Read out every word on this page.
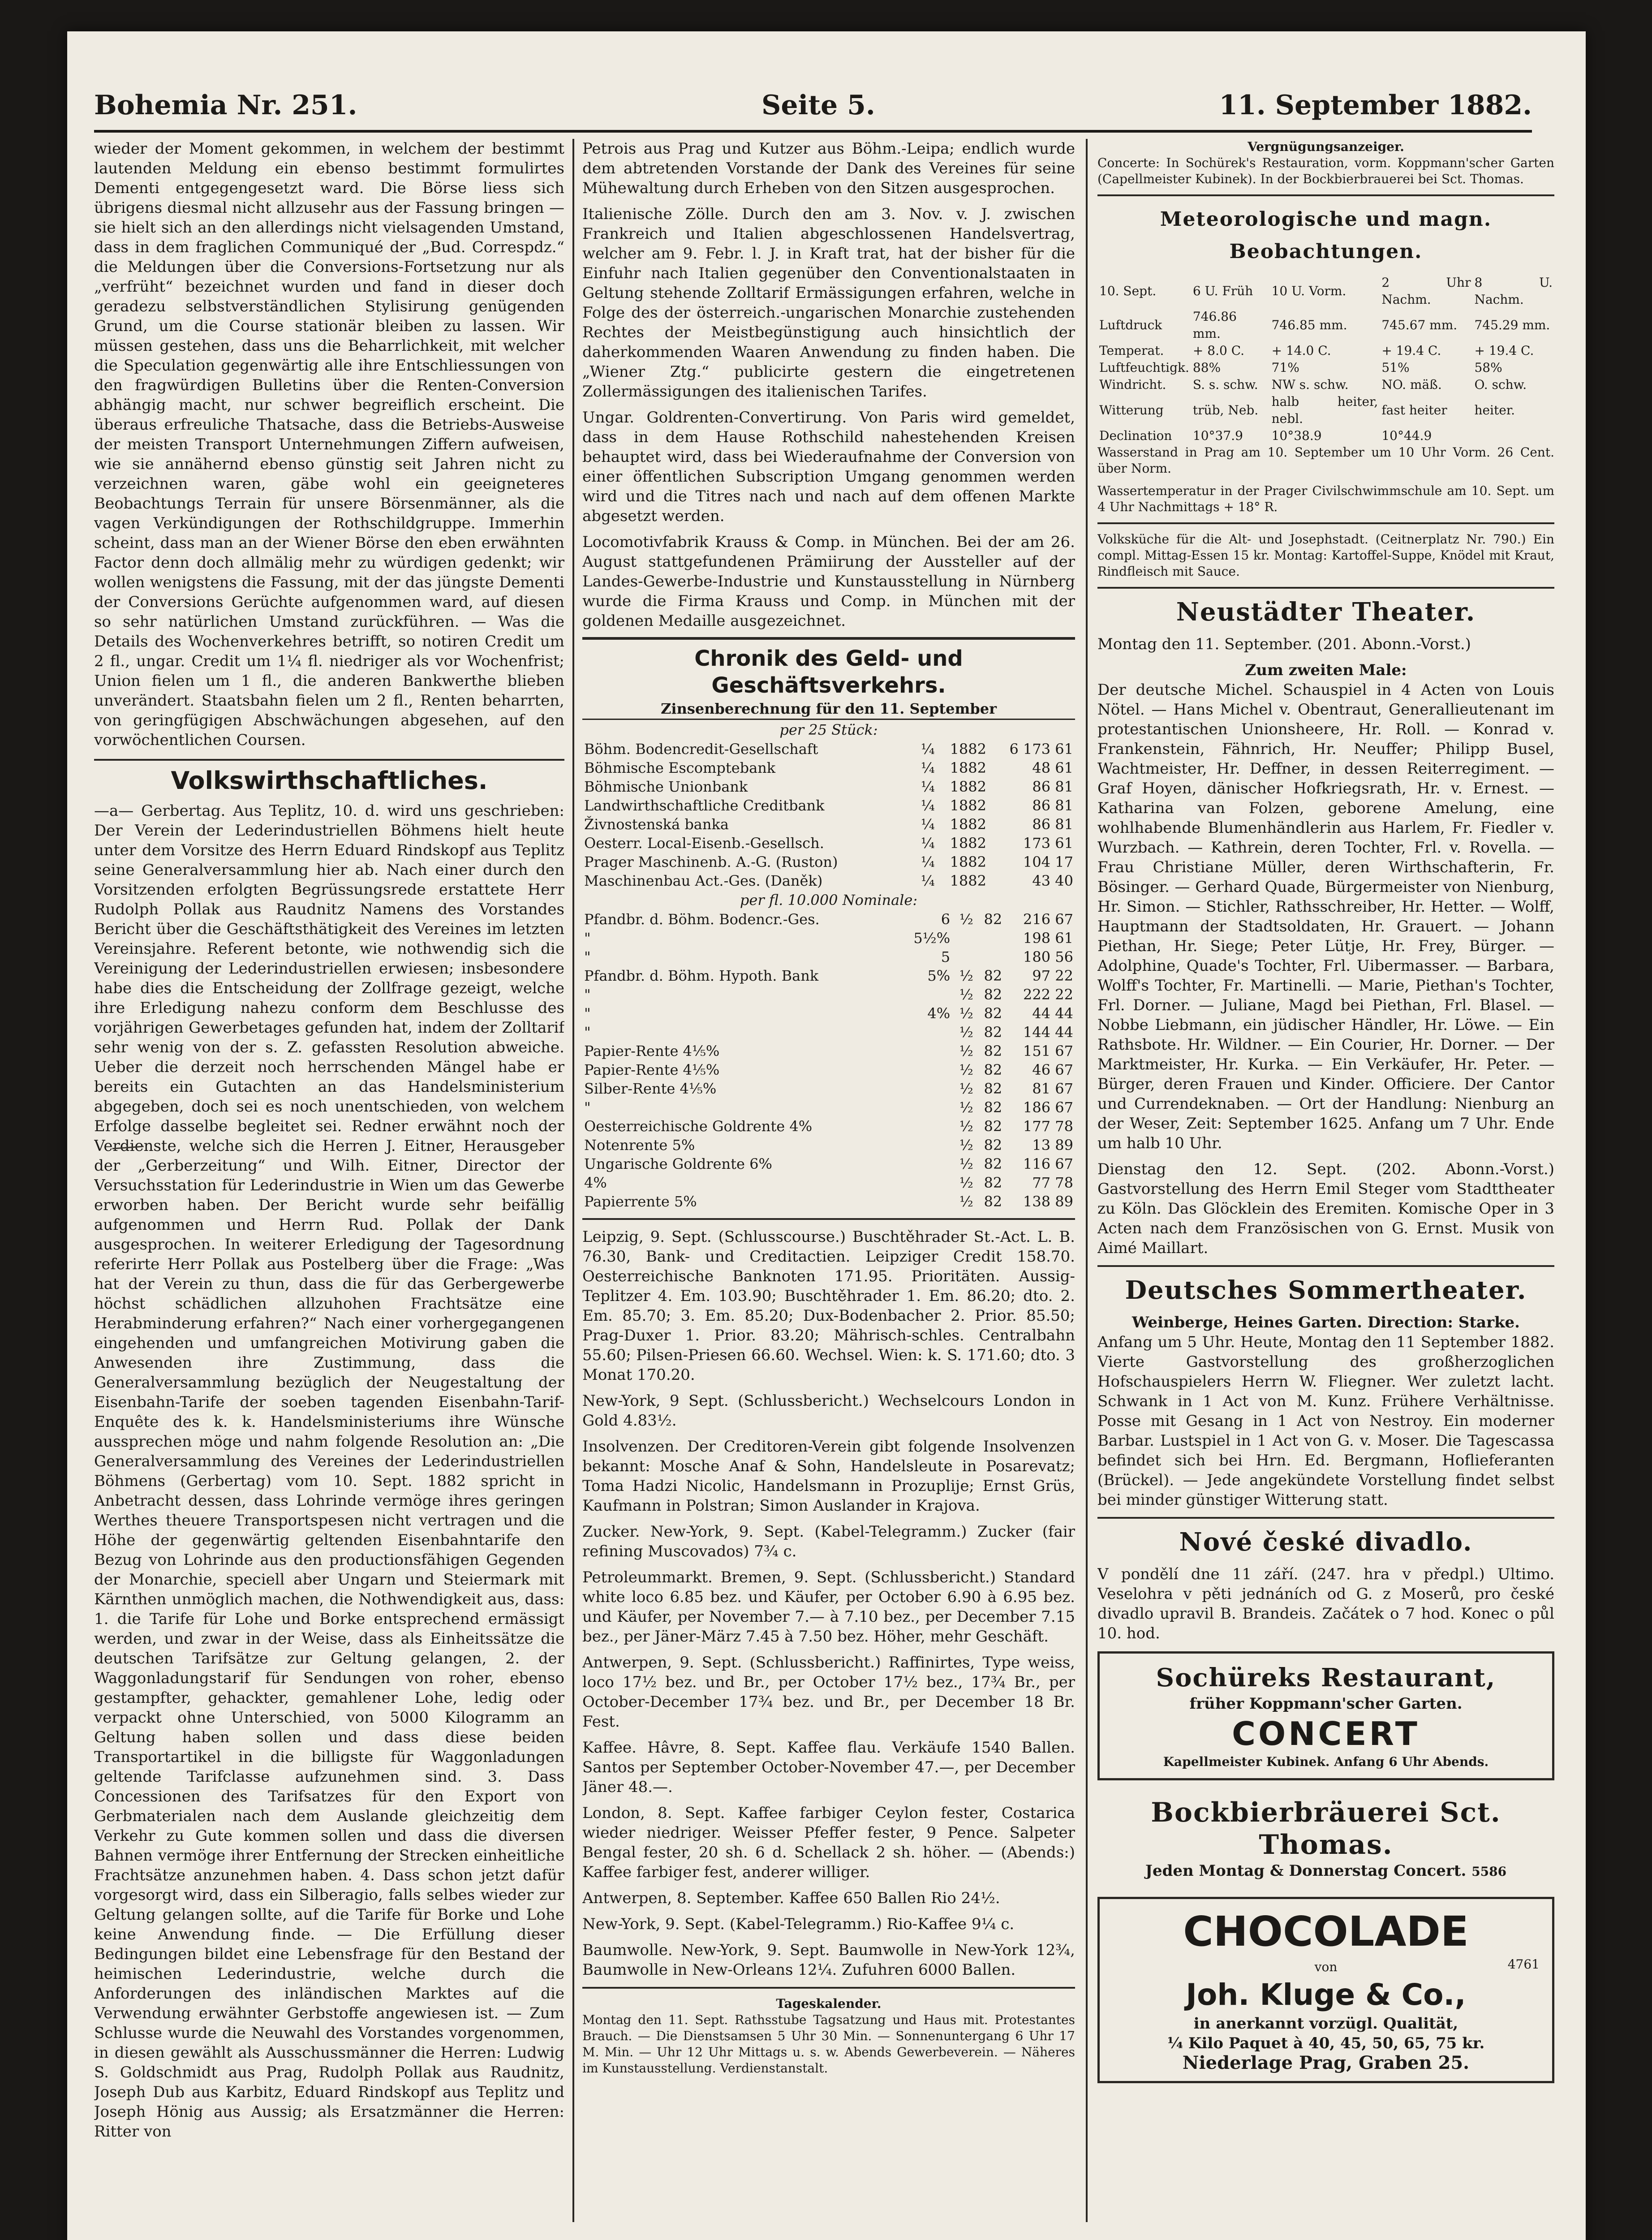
Bohemia Nr. 251.	Seite 5.	11. September 1882.

wieder der Moment gekommen, in welchem der bestimmt lautenden Meldung ein ebenso bestimmt formulirtes Dementi entgegengesetzt ward. Die Börse liess sich übrigens diesmal nicht allzusehr aus der Fassung bringen — sie hielt sich an den allerdings nicht vielsagenden Umstand, dass in dem fraglichen Communiqué der „Bud. Correspdz.“ die Meldungen über die Conversions-Fortsetzung nur als „verfrüht“ bezeichnet wurden und fand in dieser doch geradezu selbstverständlichen Stylisirung genügenden Grund, um die Course stationär bleiben zu lassen. Wir müssen gestehen, dass uns die Beharrlichkeit, mit welcher die Speculation gegenwärtig alle ihre Entschliessungen von den fragwürdigen Bulletins über die Renten-Conversion abhängig macht, nur schwer begreiflich erscheint. Die überaus erfreuliche Thatsache, dass die Betriebs-Ausweise der meisten Transport Unternehmungen Ziffern aufweisen, wie sie annähernd ebenso günstig seit Jahren nicht zu verzeichnen waren, gäbe wohl ein geeigneteres Beobachtungs Terrain für unsere Börsenmänner, als die vagen Verkündigungen der Rothschildgruppe. Immerhin scheint, dass man an der Wiener Börse den eben erwähnten Factor denn doch allmälig mehr zu würdigen gedenkt; wir wollen wenigstens die Fassung, mit der das jüngste Dementi der Conversions Gerüchte aufgenommen ward, auf diesen so sehr natürlichen Umstand zurückführen. — Was die Details des Wochenverkehres betrifft, so notiren Credit um 2 fl., ungar. Credit um 1¼ fl. niedriger als vor Wochenfrist; Union fielen um 1 fl., die anderen Bankwerthe blieben unverändert. Staatsbahn fielen um 2 fl., Renten beharrten, von geringfügigen Abschwächungen abgesehen, auf den vorwöchentlichen Coursen.

Volkswirthschaftliches.

—a— Gerbertag. Aus Teplitz, 10. d. wird uns geschrieben: Der Verein der Lederindustriellen Böhmens hielt heute unter dem Vorsitze des Herrn Eduard Rindskopf aus Teplitz seine Generalversammlung hier ab. Nach einer durch den Vorsitzenden erfolgten Begrüssungsrede erstattete Herr Rudolph Pollak aus Raudnitz Namens des Vorstandes Bericht über die Geschäftsthätigkeit des Vereines im letzten Vereinsjahre. Referent betonte, wie nothwendig sich die Vereinigung der Lederindustriellen erwiesen; insbesondere habe dies die Entscheidung der Zollfrage gezeigt, welche ihre Erledigung nahezu conform dem Beschlusse des vorjährigen Gewerbetages gefunden hat, indem der Zolltarif sehr wenig von der s. Z. gefassten Resolution abweiche. Ueber die derzeit noch herrschenden Mängel habe er bereits ein Gutachten an das Handelsministerium abgegeben, doch sei es noch unentschieden, von welchem Erfolge dasselbe begleitet sei. Redner erwähnt noch der Verdienste, welche sich die Herren J. Eitner, Herausgeber der „Gerberzeitung“ und Wilh. Eitner, Director der Versuchsstation für Lederindustrie in Wien um das Gewerbe erworben haben. Der Bericht wurde sehr beifällig aufgenommen und Herrn Rud. Pollak der Dank ausgesprochen. In weiterer Erledigung der Tagesordnung referirte Herr Pollak aus Postelberg über die Frage: „Was hat der Verein zu thun, dass die für das Gerbergewerbe höchst schädlichen allzuhohen Frachtsätze eine Herabminderung erfahren?“ Nach einer vorhergegangenen eingehenden und umfangreichen Motivirung gaben die Anwesenden ihre Zustimmung, dass die Generalversammlung bezüglich der Neugestaltung der Eisenbahn-Tarife der soeben tagenden Eisenbahn-Tarif-Enquête des k. k. Handelsministeriums ihre Wünsche aussprechen möge und nahm folgende Resolution an: „Die Generalversammlung des Vereines der Lederindustriellen Böhmens (Gerbertag) vom 10. Sept. 1882 spricht in Anbetracht dessen, dass Lohrinde vermöge ihres geringen Werthes theuere Transportspesen nicht vertragen und die Höhe der gegenwärtig geltenden Eisenbahntarife den Bezug von Lohrinde aus den productionsfähigen Gegenden der Monarchie, speciell aber Ungarn und Steiermark mit Kärnthen unmöglich machen, die Nothwendigkeit aus, dass: 1. die Tarife für Lohe und Borke entsprechend ermässigt werden, und zwar in der Weise, dass als Einheitssätze die deutschen Tarifsätze zur Geltung gelangen, 2. der Waggonladungstarif für Sendungen von roher, ebenso gestampfter, gehackter, gemahlener Lohe, ledig oder verpackt ohne Unterschied, von 5000 Kilogramm an Geltung haben sollen und dass diese beiden Transportartikel in die billigste für Waggonladungen geltende Tarifclasse aufzunehmen sind. 3. Dass Concessionen des Tarifsatzes für den Export von Gerbmaterialen nach dem Auslande gleichzeitig dem Verkehr zu Gute kommen sollen und dass die diversen Bahnen vermöge ihrer Entfernung der Strecken einheitliche Frachtsätze anzunehmen haben. 4. Dass schon jetzt dafür vorgesorgt wird, dass ein Silberagio, falls selbes wieder zur Geltung gelangen sollte, auf die Tarife für Borke und Lohe keine Anwendung finde. — Die Erfüllung dieser Bedingungen bildet eine Lebensfrage für den Bestand der heimischen Lederindustrie, welche durch die Anforderungen des inländischen Marktes auf die Verwendung erwähnter Gerbstoffe angewiesen ist. — Zum Schlusse wurde die Neuwahl des Vorstandes vorgenommen, in diesen gewählt als Ausschussmänner die Herren: Ludwig S. Goldschmidt aus Prag, Rudolph Pollak aus Raudnitz, Joseph Dub aus Karbitz, Eduard Rindskopf aus Teplitz und Joseph Hönig aus Aussig; als Ersatzmänner die Herren: Ritter von

Petrois aus Prag und Kutzer aus Böhm.-Leipa; endlich wurde dem abtretenden Vorstande der Dank des Vereines für seine Mühewaltung durch Erheben von den Sitzen ausgesprochen.

Italienische Zölle. Durch den am 3. Nov. v. J. zwischen Frankreich und Italien abgeschlossenen Handelsvertrag, welcher am 9. Febr. l. J. in Kraft trat, hat der bisher für die Einfuhr nach Italien gegenüber den Conventionalstaaten in Geltung stehende Zolltarif Ermässigungen erfahren, welche in Folge des der österreich.-ungarischen Monarchie zustehenden Rechtes der Meistbegünstigung auch hinsichtlich der daherkommenden Waaren Anwendung zu finden haben. Die „Wiener Ztg.“ publicirte gestern die eingetretenen Zollermässigungen des italienischen Tarifes.

Ungar. Goldrenten-Convertirung. Von Paris wird gemeldet, dass in dem Hause Rothschild nahestehenden Kreisen behauptet wird, dass bei Wiederaufnahme der Conversion von einer öffentlichen Subscription Umgang genommen werden wird und die Titres nach und nach auf dem offenen Markte abgesetzt werden.

Locomotivfabrik Krauss & Comp. in München. Bei der am 26. August stattgefundenen Prämiirung der Aussteller auf der Landes-Gewerbe-Industrie und Kunstausstellung in Nürnberg wurde die Firma Krauss und Comp. in München mit der goldenen Medaille ausgezeichnet.

Chronik des Geld- und Geschäftsverkehrs.
Zinsenberechnung für den 11. September
per 25 Stück:
Böhm. Bodencredit-Gesellschaft	¼	1882	6 173 61
Böhmische Escomptebank	¼	1882	48 61
Böhmische Unionbank	¼	1882	86 81
Landwirthschaftliche Creditbank	¼	1882	86 81
Živnostenská banka	¼	1882	86 81
Oesterr. Local-Eisenb.-Gesellsch.	¼	1882	173 61
Prager Maschinenb. A.-G. (Ruston)	¼	1882	104 17
Maschinenbau Act.-Ges. (Daněk)	¼	1882	43 40
per fl. 10.000 Nominale:
Pfandbr. d. Böhm. Bodencr.-Ges.	6	½	82	216 67
"	5½%			198 61
"	5			180 56
Pfandbr. d. Böhm. Hypoth. Bank	5%	½	82	97 22
"		½	82	222 22
"	4%	½	82	44 44
"		½	82	144 44
Papier-Rente 4⅕%		½	82	151 67
Papier-Rente 4⅕%		½	82	46 67
Silber-Rente 4⅕%		½	82	81 67
"		½	82	186 67
Oesterreichische Goldrente 4%		½	82	177 78
Notenrente 5%		½	82	13 89
Ungarische Goldrente 6%		½	82	116 67
4%		½	82	77 78
Papierrente 5%		½	82	138 89

Leipzig, 9. Sept. (Schlusscourse.) Buschtěhrader St.-Act. L. B. 76.30, Bank- und Creditactien. Leipziger Credit 158.70. Oesterreichische Banknoten 171.95. Prioritäten. Aussig-Teplitzer 4. Em. 103.90; Buschtěhrader 1. Em. 86.20; dto. 2. Em. 85.70; 3. Em. 85.20; Dux-Bodenbacher 2. Prior. 85.50; Prag-Duxer 1. Prior. 83.20; Mährisch-schles. Centralbahn 55.60; Pilsen-Priesen 66.60. Wechsel. Wien: k. S. 171.60; dto. 3 Monat 170.20.

New-York, 9 Sept. (Schlussbericht.) Wechselcours London in Gold 4.83½.

Insolvenzen. Der Creditoren-Verein gibt folgende Insolvenzen bekannt: Mosche Anaf & Sohn, Handelsleute in Posarevatz; Toma Hadzi Nicolic, Handelsmann in Prozuplije; Ernst Grüs, Kaufmann in Polstran; Simon Auslander in Krajova.

Zucker. New-York, 9. Sept. (Kabel-Telegramm.) Zucker (fair refining Muscovados) 7¾ c.

Petroleummarkt. Bremen, 9. Sept. (Schlussbericht.) Standard white loco 6.85 bez. und Käufer, per October 6.90 à 6.95 bez. und Käufer, per November 7.— à 7.10 bez., per December 7.15 bez., per Jäner-März 7.45 à 7.50 bez. Höher, mehr Geschäft.

Antwerpen, 9. Sept. (Schlussbericht.) Raffinirtes, Type weiss, loco 17½ bez. und Br., per October 17½ bez., 17¾ Br., per October-December 17¾ bez. und Br., per December 18 Br. Fest.

Kaffee. Hâvre, 8. Sept. Kaffee flau. Verkäufe 1540 Ballen. Santos per September October-November 47.—, per December Jäner 48.—.

London, 8. Sept. Kaffee farbiger Ceylon fester, Costarica wieder niedriger. Weisser Pfeffer fester, 9 Pence. Salpeter Bengal fester, 20 sh. 6 d. Schellack 2 sh. höher. — (Abends:) Kaffee farbiger fest, anderer williger.

Antwerpen, 8. September. Kaffee 650 Ballen Rio 24½.

New-York, 9. Sept. (Kabel-Telegramm.) Rio-Kaffee 9¼ c.

Baumwolle. New-York, 9. Sept. Baumwolle in New-York 12¾, Baumwolle in New-Orleans 12¼. Zufuhren 6000 Ballen.

Tageskalender.

Montag den 11. Sept. Rathsstube Tagsatzung und Haus mit. Protestantes Brauch. — Die Dienstsamsen 5 Uhr 30 Min. — Sonnenuntergang 6 Uhr 17 M. Min. — Uhr 12 Uhr Mittags u. s. w. Abends Gewerbeverein. — Näheres im Kunstausstellung. Verdienstanstalt.

Vergnügungsanzeiger.

Concerte: In Sochürek's Restauration, vorm. Koppmann'scher Garten (Capellmeister Kubinek). In der Bockbierbrauerei bei Sct. Thomas.

Meteorologische und magn. Beobachtungen.
10. Sept.	6 U. Früh	10 U. Vorm.	2 Uhr Nachm.	8 U. Nachm.
Luftdruck	746.86 mm.	746.85 mm.	745.67 mm.	745.29 mm.
Temperat.	+ 8.0 C.	+ 14.0 C.	+ 19.4 C.	+ 19.4 C.
Luftfeuchtigk.	88%	71%	51%	58%
Windricht.	S. s. schw.	NW s. schw.	NO. mäß.	O. schw.
Witterung	trüb, Neb.	halb heiter, nebl.	fast heiter	heiter.
Declination	10°37.9	10°38.9	10°44.9	

Wasserstand in Prag am 10. September um 10 Uhr Vorm. 26 Cent. über Norm.

Wassertemperatur in der Prager Civilschwimmschule am 10. Sept. um 4 Uhr Nachmittags + 18° R.

Volksküche für die Alt- und Josephstadt. (Ceitnerplatz Nr. 790.) Ein compl. Mittag-Essen 15 kr. Montag: Kartoffel-Suppe, Knödel mit Kraut, Rindfleisch mit Sauce.

Neustädter Theater.

Montag den 11. September. (201. Abonn.-Vorst.)

Zum zweiten Male:

Der deutsche Michel. Schauspiel in 4 Acten von Louis Nötel. — Hans Michel v. Obentraut, Generallieutenant im protestantischen Unionsheere, Hr. Roll. — Konrad v. Frankenstein, Fähnrich, Hr. Neuffer; Philipp Busel, Wachtmeister, Hr. Deffner, in dessen Reiterregiment. — Graf Hoyen, dänischer Hofkriegsrath, Hr. v. Ernest. — Katharina van Folzen, geborene Amelung, eine wohlhabende Blumenhändlerin aus Harlem, Fr. Fiedler v. Wurzbach. — Kathrein, deren Tochter, Frl. v. Rovella. — Frau Christiane Müller, deren Wirthschafterin, Fr. Bösinger. — Gerhard Quade, Bürgermeister von Nienburg, Hr. Simon. — Stichler, Rathsschreiber, Hr. Hetter. — Wolff, Hauptmann der Stadtsoldaten, Hr. Grauert. — Johann Piethan, Hr. Siege; Peter Lütje, Hr. Frey, Bürger. — Adolphine, Quade's Tochter, Frl. Uibermasser. — Barbara, Wolff's Tochter, Fr. Martinelli. — Marie, Piethan's Tochter, Frl. Dorner. — Juliane, Magd bei Piethan, Frl. Blasel. — Nobbe Liebmann, ein jüdischer Händler, Hr. Löwe. — Ein Rathsbote. Hr. Wildner. — Ein Courier, Hr. Dorner. — Der Marktmeister, Hr. Kurka. — Ein Verkäufer, Hr. Peter. — Bürger, deren Frauen und Kinder. Officiere. Der Cantor und Currendeknaben. — Ort der Handlung: Nienburg an der Weser, Zeit: September 1625. Anfang um 7 Uhr. Ende um halb 10 Uhr.

Dienstag den 12. Sept. (202. Abonn.-Vorst.) Gastvorstellung des Herrn Emil Steger vom Stadttheater zu Köln. Das Glöcklein des Eremiten. Komische Oper in 3 Acten nach dem Französischen von G. Ernst. Musik von Aimé Maillart.

Deutsches Sommertheater.
Weinberge, Heines Garten. Direction: Starke.

Anfang um 5 Uhr. Heute, Montag den 11 September 1882. Vierte Gastvorstellung des großherzoglichen Hofschauspielers Herrn W. Fliegner. Wer zuletzt lacht. Schwank in 1 Act von M. Kunz. Frühere Verhältnisse. Posse mit Gesang in 1 Act von Nestroy. Ein moderner Barbar. Lustspiel in 1 Act von G. v. Moser. Die Tagescassa befindet sich bei Hrn. Ed. Bergmann, Hoflieferanten (Brückel). — Jede angekündete Vorstellung findet selbst bei minder günstiger Witterung statt.

Nové české divadlo.

V pondělí dne 11 září. (247. hra v předpl.) Ultimo. Veselohra v pěti jednáních od G. z Moserů, pro české divadlo upravil B. Brandeis. Začátek o 7 hod. Konec o půl 10. hod.

Sochüreks Restaurant,
früher Koppmann'scher Garten.
CONCERT
Kapellmeister Kubinek. Anfang 6 Uhr Abends.
Bockbierbräuerei Sct. Thomas.
Jeden Montag & Donnerstag Concert. 5586
CHOCOLADE
von	4761
Joh. Kluge & Co.,
in anerkannt vorzügl. Qualität,
¼ Kilo Paquet à 40, 45, 50, 65, 75 kr.
Niederlage Prag, Graben 25.
